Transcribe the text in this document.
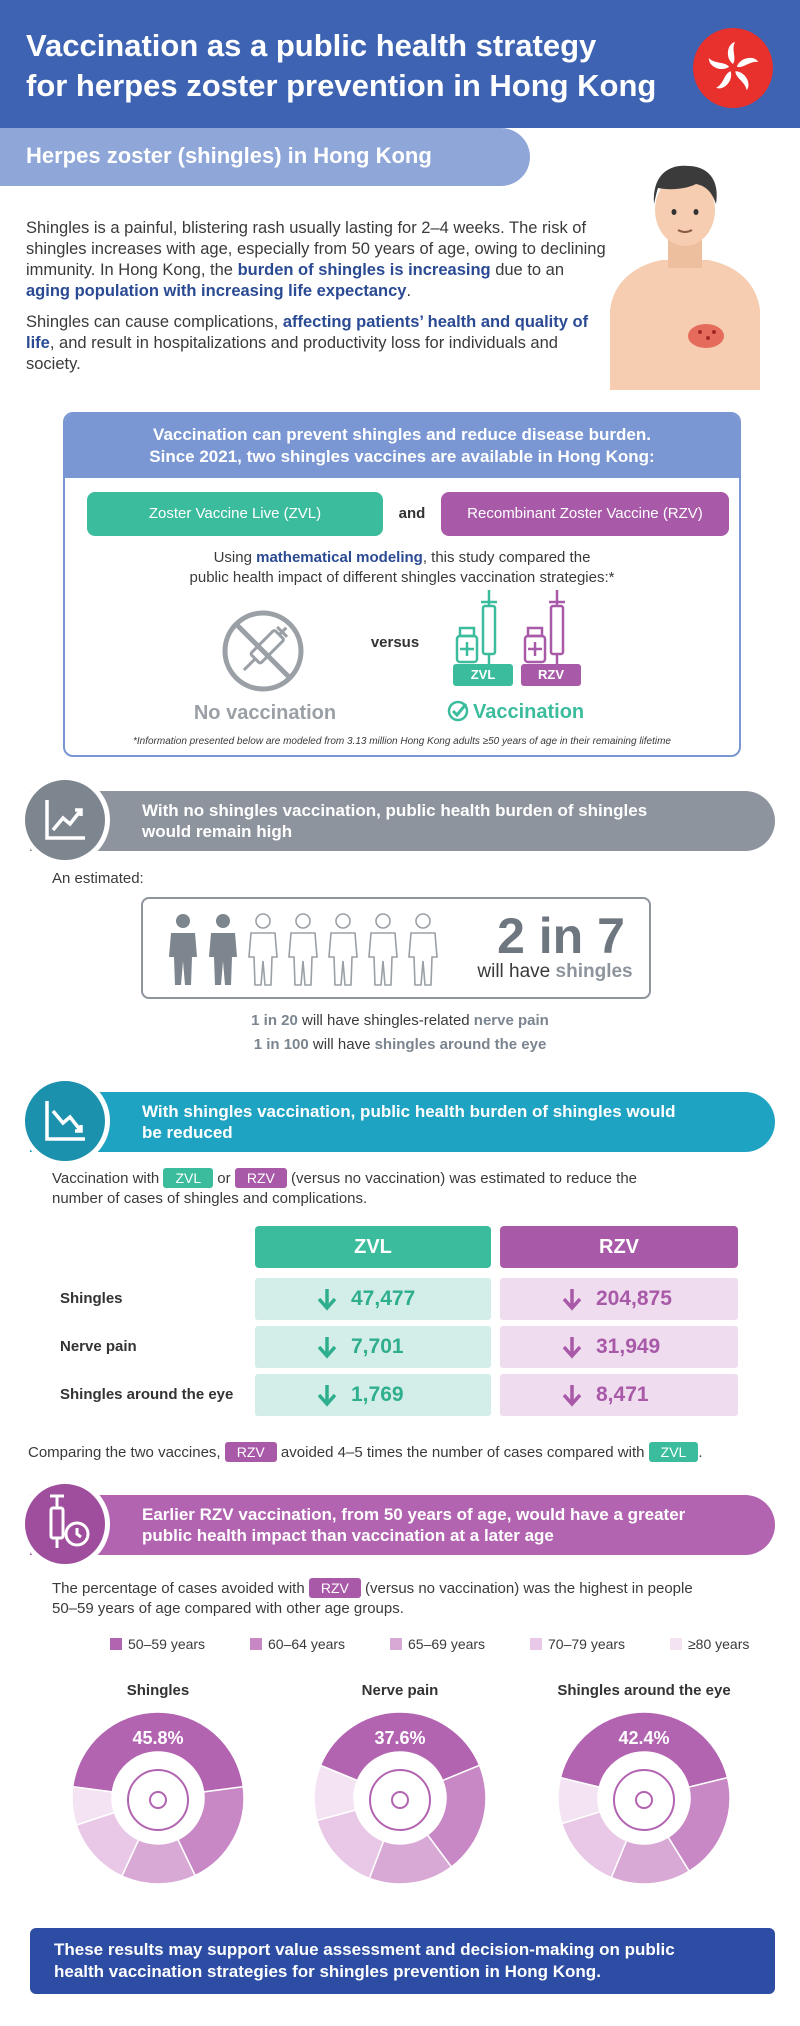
Vaccination as a public health strategy
for herpes zoster prevention in Hong Kong
Herpes zoster (shingles) in Hong Kong
Shingles is a painful, blistering rash usually lasting for 2–4 weeks. The risk of shingles increases with age, especially from 50 years of age, owing to declining immunity. In Hong Kong, the burden of shingles is increasing due to an aging population with increasing life expectancy.
Shingles can cause complications, affecting patients’ health and quality of life, and result in hospitalizations and productivity loss for individuals and society.
Vaccination can prevent shingles and reduce disease burden.
Since 2021, two shingles vaccines are available in Hong Kong:
Zoster Vaccine Live (ZVL)	and	Recombinant Zoster Vaccine (RZV)
Using mathematical modeling, this study compared the
public health impact of different shingles vaccination strategies:*
No vaccination
versus
ZVL	RZV
Vaccination
*Information presented below are modeled from 3.13 million Hong Kong adults ≥50 years of age in their remaining lifetime
With no shingles vaccination, public health burden of shingles
would remain high
An estimated:
2 in 7
will have shingles
1 in 20 will have shingles-related nerve pain
1 in 100 will have shingles around the eye
With shingles vaccination, public health burden of shingles would
be reduced
Vaccination with ZVL or RZV (versus no vaccination) was estimated to reduce the
number of cases of shingles and complications.
ZVL	RZV
Shingles	47,477	204,875
Nerve pain	7,701	31,949
Shingles around the eye	1,769	8,471
Comparing the two vaccines, RZV avoided 4–5 times the number of cases compared with ZVL .
Earlier RZV vaccination, from 50 years of age, would have a greater
public health impact than vaccination at a later age
The percentage of cases avoided with RZV (versus no vaccination) was the highest in people
50–59 years of age compared with other age groups.
50–59 years	60–64 years	65–69 years	70–79 years	≥80 years
Shingles	Nerve pain	Shingles around the eye
45.8%	37.6%	42.4%
These results may support value assessment and decision-making on public
health vaccination strategies for shingles prevention in Hong Kong.
